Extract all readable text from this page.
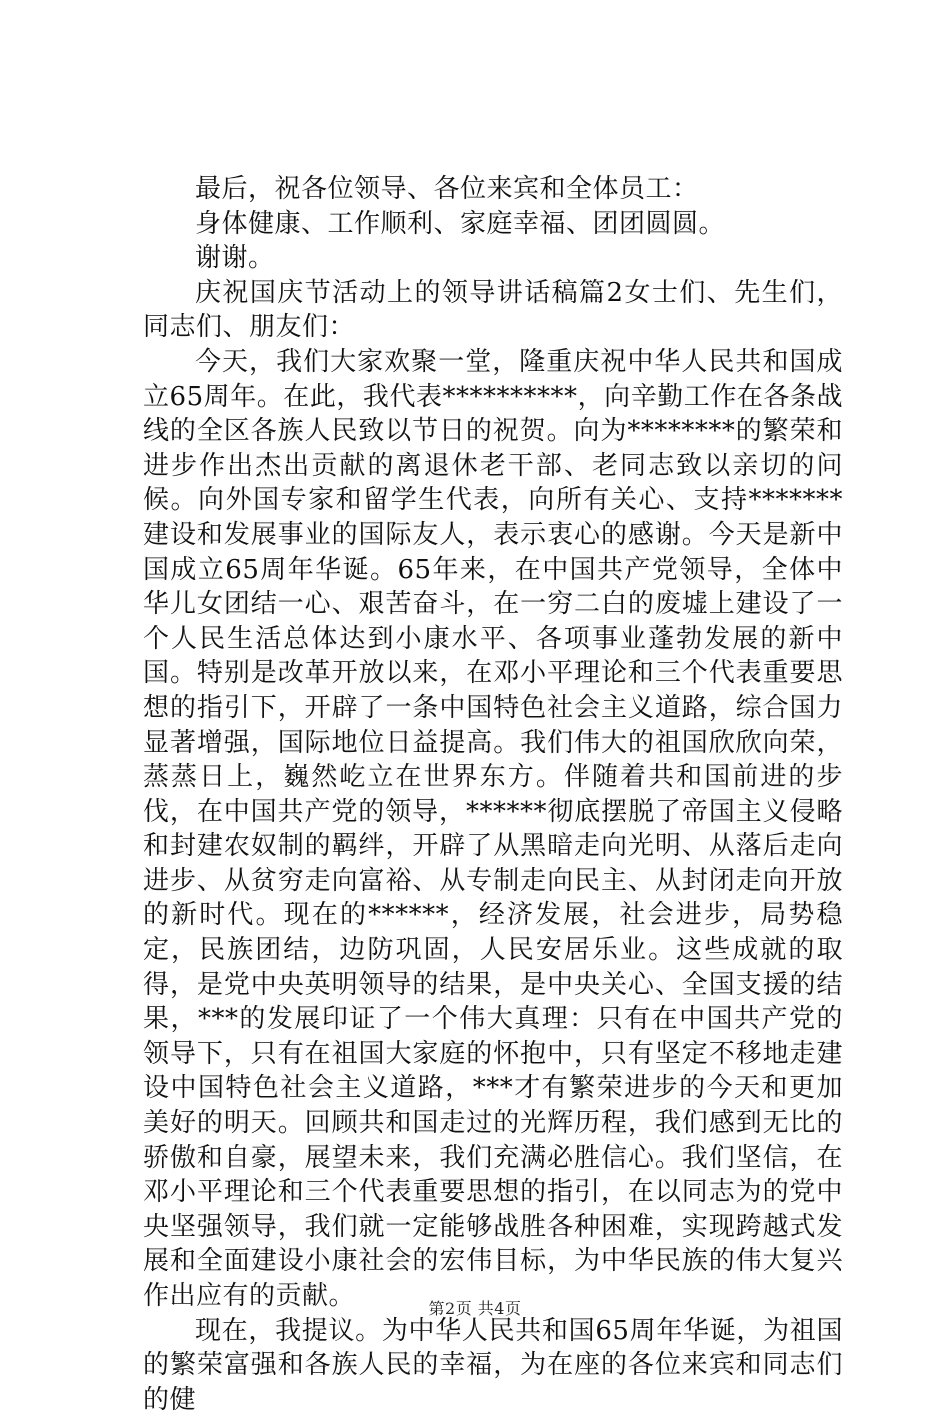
最后，祝各位领导、各位来宾和全体员工：

身体健康、工作顺利、家庭幸福、团团圆圆。

谢谢。

庆祝国庆节活动上的领导讲话稿篇2女士们、先生们，同志们、朋友们：

今天，我们大家欢聚一堂，隆重庆祝中华人民共和国成立65周年。在此，我代表**********，向辛勤工作在各条战线的全区各族人民致以节日的祝贺。向为********的繁荣和进步作出杰出贡献的离退休老干部、老同志致以亲切的问候。向外国专家和留学生代表，向所有关心、支持*******建设和发展事业的国际友人，表示衷心的感谢。今天是新中国成立65周年华诞。65年来，在中国共产党领导，全体中华儿女团结一心、艰苦奋斗，在一穷二白的废墟上建设了一个人民生活总体达到小康水平、各项事业蓬勃发展的新中国。特别是改革开放以来，在邓小平理论和三个代表重要思想的指引下，开辟了一条中国特色社会主义道路，综合国力显著增强，国际地位日益提高。我们伟大的祖国欣欣向荣，蒸蒸日上，巍然屹立在世界东方。伴随着共和国前进的步伐，在中国共产党的领导，******彻底摆脱了帝国主义侵略和封建农奴制的羁绊，开辟了从黑暗走向光明、从落后走向进步、从贫穷走向富裕、从专制走向民主、从封闭走向开放的新时代。现在的******，经济发展，社会进步，局势稳定，民族团结，边防巩固，人民安居乐业。这些成就的取得，是党中央英明领导的结果，是中央关心、全国支援的结果，***的发展印证了一个伟大真理：只有在中国共产党的领导下，只有在祖国大家庭的怀抱中，只有坚定不移地走建设中国特色社会主义道路，***才有繁荣进步的今天和更加美好的明天。回顾共和国走过的光辉历程，我们感到无比的骄傲和自豪，展望未来，我们充满必胜信心。我们坚信，在邓小平理论和三个代表重要思想的指引，在以同志为的党中央坚强领导，我们就一定能够战胜各种困难，实现跨越式发展和全面建设小康社会的宏伟目标，为中华民族的伟大复兴作出应有的贡献。

现在，我提议。为中华人民共和国65周年华诞，为祖国的繁荣富强和各族人民的幸福，为在座的各位来宾和同志们的健

第2页 共4页
